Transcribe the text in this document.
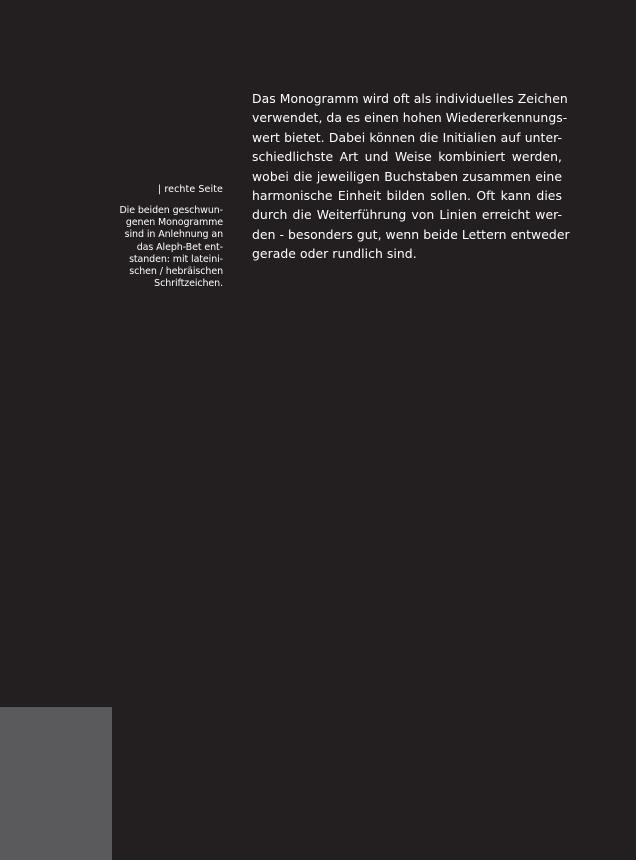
| rechte Seite
Die beiden geschwun-
genen Monogramme
sind in Anlehnung an
das Aleph-Bet ent-
standen: mit lateini-
schen / hebräischen
Schriftzeichen.
Das Monogramm wird oft als individuelles Zeichen
verwendet, da es einen hohen Wiedererkennungs-
wert bietet. Dabei können die Initialien auf unter-
schiedlichste Art und Weise kombiniert werden,
wobei die jeweiligen Buchstaben zusammen eine
harmonische Einheit bilden sollen. Oft kann dies
durch die Weiterführung von Linien erreicht wer-
den - besonders gut, wenn beide Lettern entweder
gerade oder rundlich sind.
